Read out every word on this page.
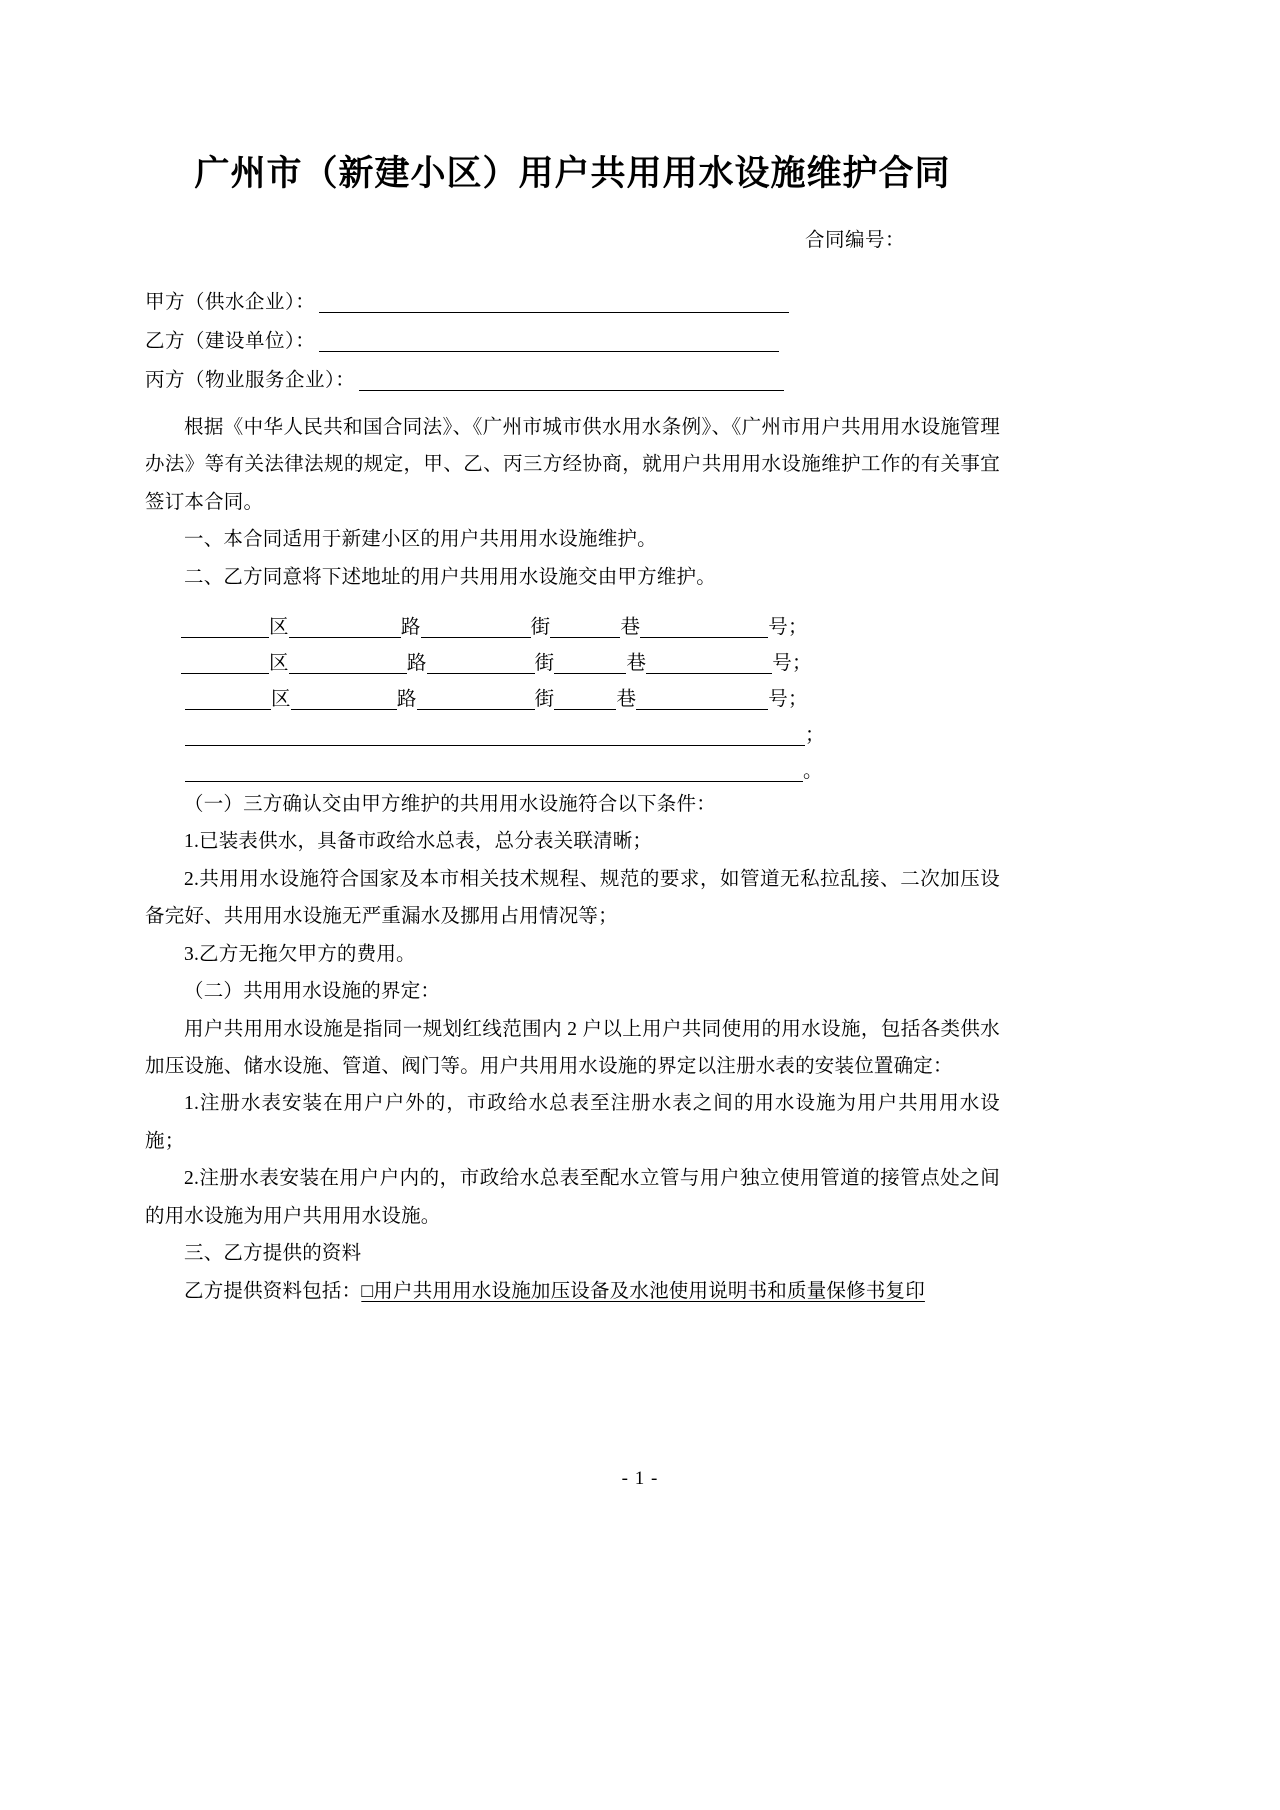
广州市（新建小区）用户共用用水设施维护合同

合同编号：

甲方（供水企业）：
乙方（建设单位）：
丙方（物业服务企业）：

根据《中华人民共和国合同法》、《广州市城市供水用水条例》、《广州市用户共用用水设施管理办法》等有关法律法规的规定，甲、乙、丙三方经协商，就用户共用用水设施维护工作的有关事宜签订本合同。

一、本合同适用于新建小区的用户共用用水设施维护。

二、乙方同意将下述地址的用户共用用水设施交由甲方维护。

区	路	街	巷	号；
区	路	街	巷	号；
区	路	街	巷	号；
；
。

（一）三方确认交由甲方维护的共用用水设施符合以下条件：

1.已装表供水，具备市政给水总表，总分表关联清晰；

2.共用用水设施符合国家及本市相关技术规程、规范的要求，如管道无私拉乱接、二次加压设备完好、共用用水设施无严重漏水及挪用占用情况等；

3.乙方无拖欠甲方的费用。

（二）共用用水设施的界定：

用户共用用水设施是指同一规划红线范围内 2 户以上用户共同使用的用水设施，包括各类供水加压设施、储水设施、管道、阀门等。用户共用用水设施的界定以注册水表的安装位置确定：

1.注册水表安装在用户户外的，市政给水总表至注册水表之间的用水设施为用户共用用水设施；

2.注册水表安装在用户户内的，市政给水总表至配水立管与用户独立使用管道的接管点处之间的用水设施为用户共用用水设施。

三、乙方提供的资料

乙方提供资料包括：□用户共用用水设施加压设备及水池使用说明书和质量保修书复印

- 1 -
